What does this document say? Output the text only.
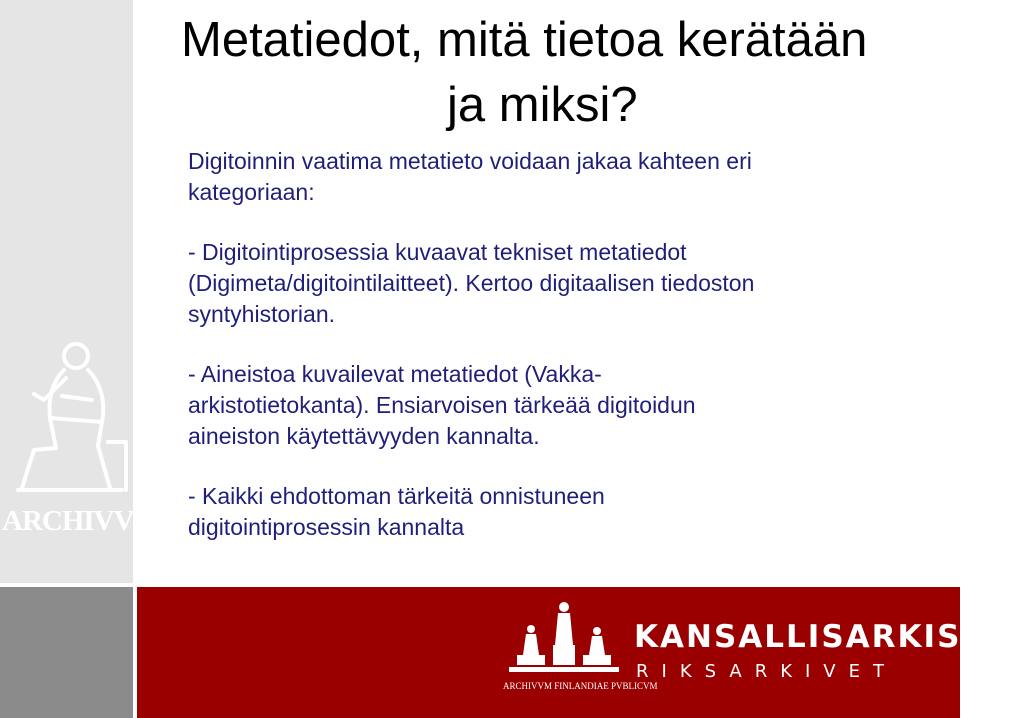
ARCHIVVM
ARCHIVVM FINLANDIAE PVBLICVM
KANSALLISARKISTO
RIKSARKIVET
Metatiedot, mitä tietoa kerätään
ja miksi?

Digitoinnin vaatima metatieto voidaan jakaa kahteen eri
kategoriaan:

- Digitointiprosessia kuvaavat tekniset metatiedot
(Digimeta/digitointilaitteet). Kertoo digitaalisen tiedoston
syntyhistorian.

- Aineistoa kuvailevat metatiedot (Vakka-
arkistotietokanta). Ensiarvoisen tärkeää digitoidun
aineiston käytettävyyden kannalta.

- Kaikki ehdottoman tärkeitä onnistuneen
digitointiprosessin kannalta
